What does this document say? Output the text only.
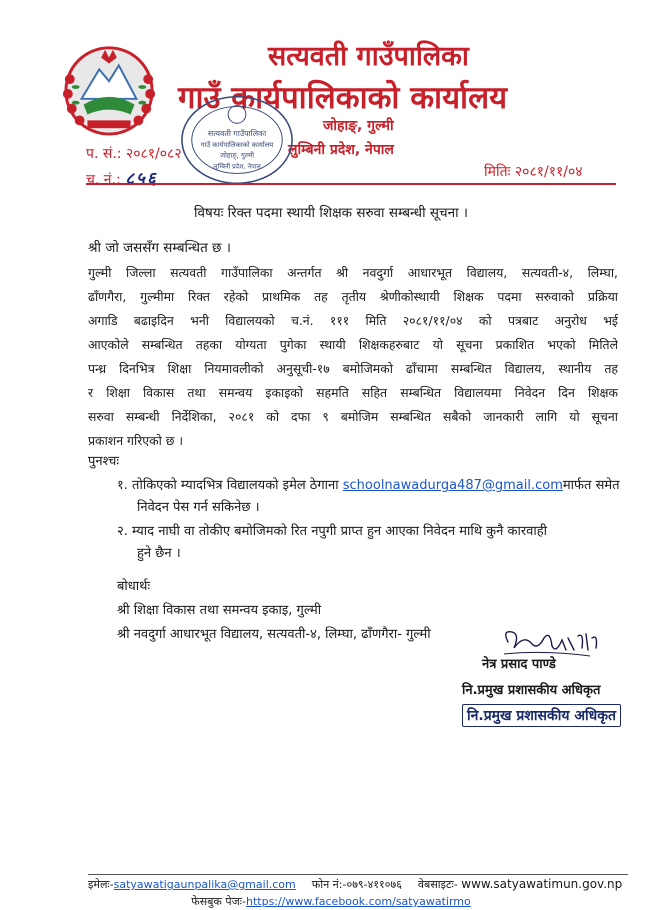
सत्यवती गाउँपालिका
गाउँ कार्यपालिकाको कार्यालय
जोहाङ्, गुल्मी
लुम्बिनी प्रदेश, नेपाल
सत्यवती गाउँपालिका
गाउँ कार्यपालिकाको कार्यालय
जोहाङ्, गुल्मी
लुम्बिनी प्रदेश, नेपाल
प. सं.: २०८१/०८२
च. नं.: ८५६	मितिः २०८१/११/०४
विषयः रिक्त पदमा स्थायी शिक्षक सरुवा सम्बन्धी सूचना ।
श्री जो जससँग सम्बन्धित छ ।
गुल्मी जिल्ला सत्यवती गाउँपालिका अन्तर्गत श्री नवदुर्गा आधारभूत विद्यालय, सत्यवती-४, लिम्घा,
ढाँणगैरा, गुल्मीमा रिक्त रहेको प्राथमिक तह तृतीय श्रेणीकोस्थायी शिक्षक पदमा सरुवाको प्रक्रिया
अगाडि बढाइदिन भनी विद्यालयको च.नं. १११ मिति २०८१/११/०४ को पत्रबाट अनुरोध भई
आएकोले सम्बन्धित तहका योग्यता पुगेका स्थायी शिक्षकहरुबाट यो सूचना प्रकाशित भएको मितिले
पन्ध्र दिनभित्र शिक्षा नियमावलीको अनुसूची-१७ बमोजिमको ढाँचामा सम्बन्धित विद्यालय, स्थानीय तह
र शिक्षा विकास तथा समन्वय इकाइको सहमति सहित सम्बन्धित विद्यालयमा निवेदन दिन शिक्षक
सरुवा सम्बन्धी निर्देशिका, २०८१ को दफा ९ बमोजिम सम्बन्धित सबैको जानकारी लागि यो सूचना
प्रकाशन गरिएको छ ।
पुनश्चः
१. तोकिएको म्यादभित्र विद्यालयको इमेल ठेगाना schoolnawadurga487@gmail.comमार्फत समेत
निवेदन पेस गर्न सकिनेछ ।
२. म्याद नाघी वा तोकीए बमोजिमको रित नपुगी प्राप्त हुन आएका निवेदन माथि कुनै कारवाही
हुने छैन ।
बोधार्थः
श्री शिक्षा विकास तथा समन्वय इकाइ, गुल्मी
श्री नवदुर्गा आधारभूत विद्यालय, सत्यवती-४, लिम्घा, ढाँणगैरा- गुल्मी
नेत्र प्रसाद पाण्डे
नि.प्रमुख प्रशासकीय अधिकृत
नि.प्रमुख प्रशासकीय अधिकृत
इमेलः-satyawatigaunpalika@gmail.com फोन नं:-०७९-४११०७६ वेबसाइटः- www.satyawatimun.gov.np
फेसबुक पेजः-https://www.facebook.com/satyawatirmo
